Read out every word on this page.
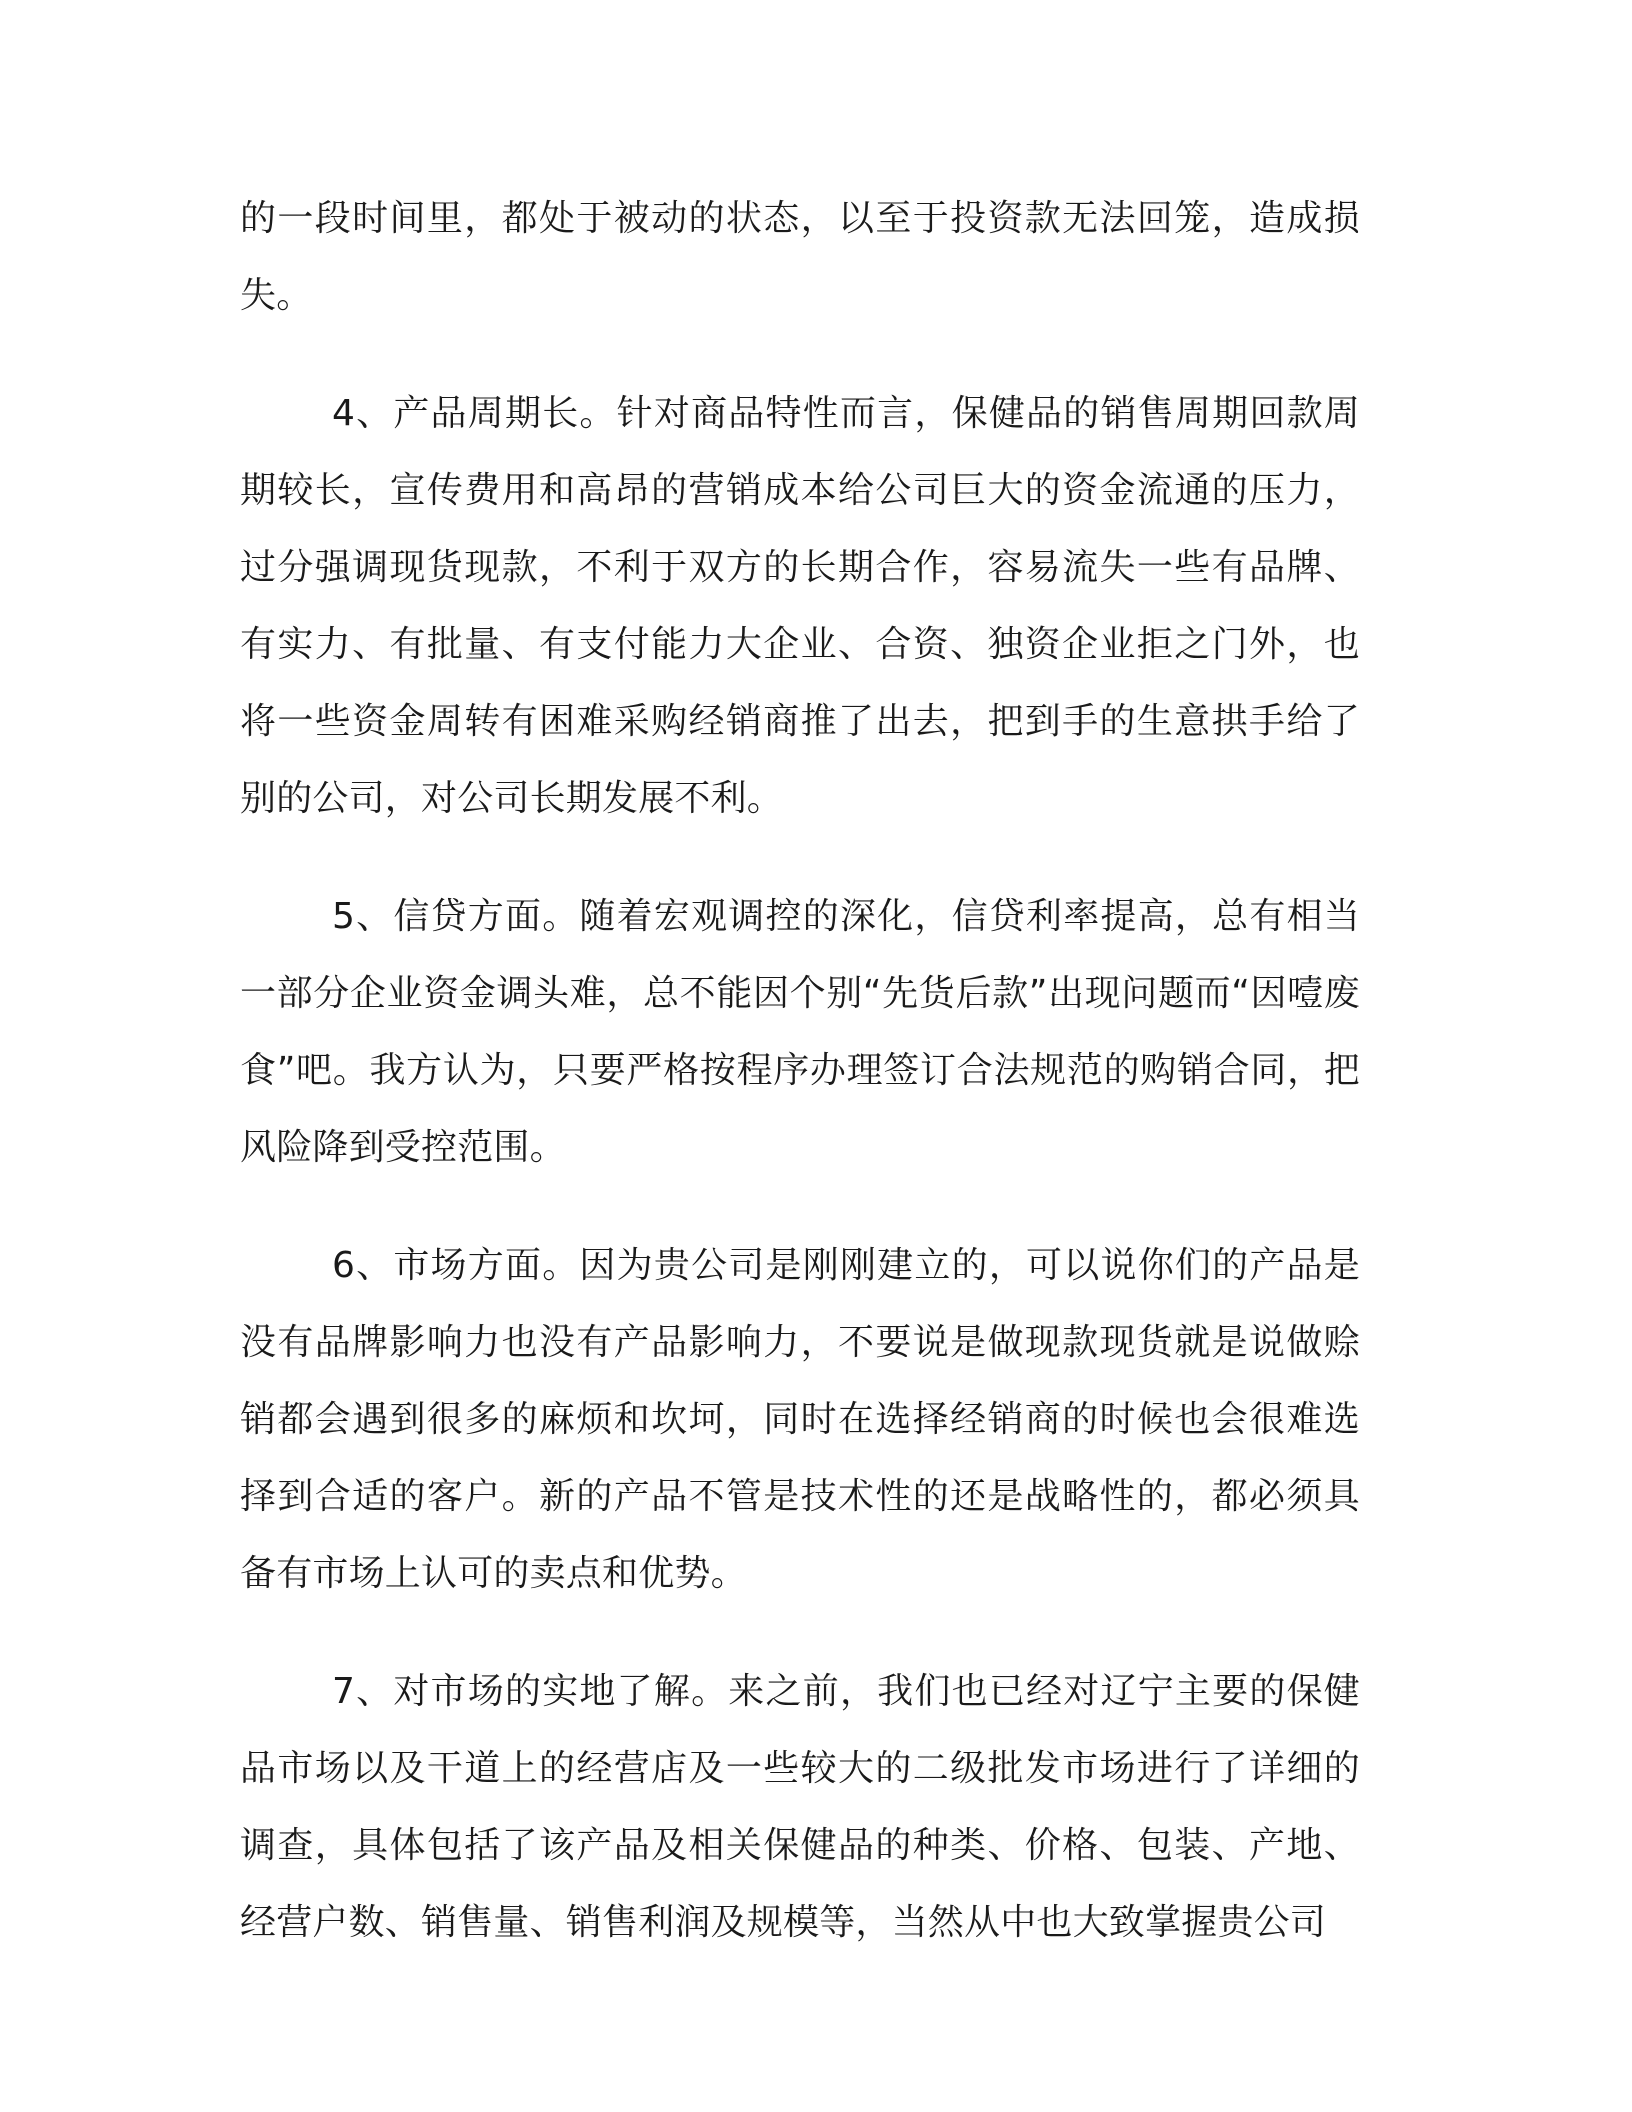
的一段时间里，都处于被动的状态，以至于投资款无法回笼，造成损失。

4、产品周期长。针对商品特性而言，保健品的销售周期回款周期较长，宣传费用和高昂的营销成本给公司巨大的资金流通的压力，过分强调现货现款，不利于双方的长期合作，容易流失一些有品牌、有实力、有批量、有支付能力大企业、合资、独资企业拒之门外，也将一些资金周转有困难采购经销商推了出去，把到手的生意拱手给了别的公司，对公司长期发展不利。

5、信贷方面。随着宏观调控的深化，信贷利率提高，总有相当一部分企业资金调头难，总不能因个别“先货后款”出现问题而“因噎废食”吧。我方认为，只要严格按程序办理签订合法规范的购销合同，把风险降到受控范围。

6、市场方面。因为贵公司是刚刚建立的，可以说你们的产品是没有品牌影响力也没有产品影响力，不要说是做现款现货就是说做赊销都会遇到很多的麻烦和坎坷，同时在选择经销商的时候也会很难选择到合适的客户。新的产品不管是技术性的还是战略性的，都必须具备有市场上认可的卖点和优势。

7、对市场的实地了解。来之前，我们也已经对辽宁主要的保健品市场以及干道上的经营店及一些较大的二级批发市场进行了详细的调查，具体包括了该产品及相关保健品的种类、价格、包装、产地、经营户数、销售量、销售利润及规模等，当然从中也大致掌握贵公司
